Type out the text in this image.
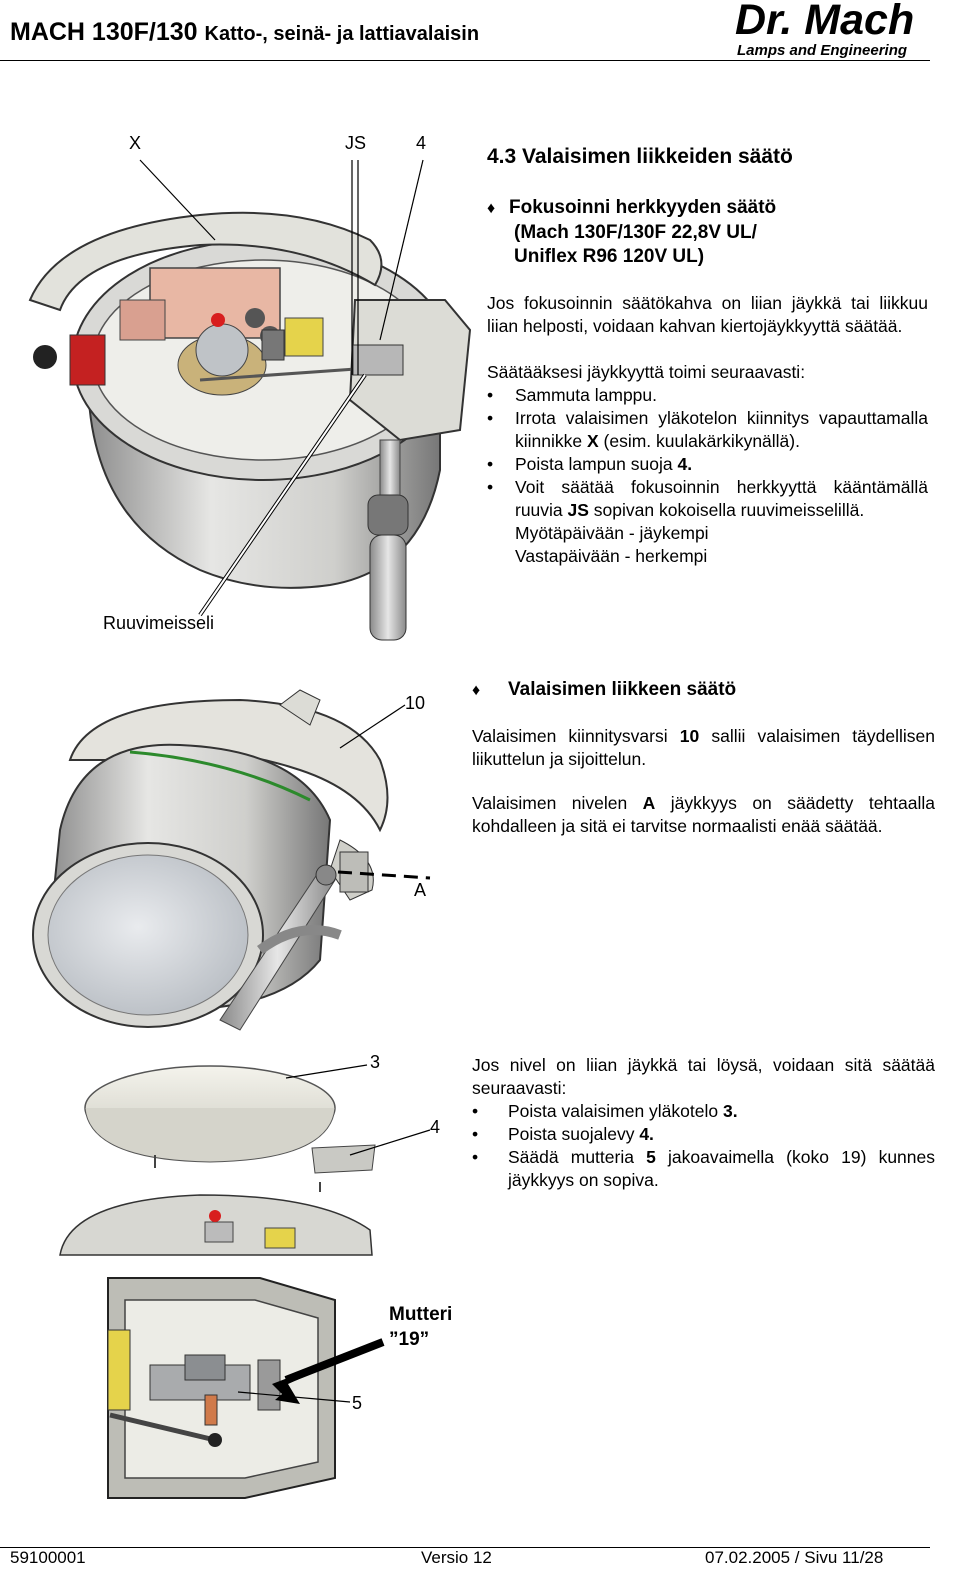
MACH 130F/130 Katto-, seinä- ja lattiavalaisin	Dr. Mach
Lamps and Engineering
X	JS	4
Ruuvimeisseli
4.3 Valaisimen liikkeiden säätö
♦ Fokusoinni herkkyyden säätö
(Mach 130F/130F 22,8V UL/
Uniflex R96 120V UL)
Jos fokusoinnin säätökahva on liian jäykkä tai liikkuu liian helposti, voidaan kahvan kiertojäykkyyttä säätää.
Säätääksesi jäykkyyttä toimi seuraavasti:
•	Sammuta lamppu.
•	Irrota valaisimen yläkotelon kiinnitys vapauttamalla kiinnikke X (esim. kuulakärkikynällä).
•	Poista lampun suoja 4.
•	Voit säätää fokusoinnin herkkyyttä kääntämällä ruuvia JS sopivan kokoisella ruuvimeisselillä.
Myötäpäivään - jäykempi
Vastapäivään - herkempi
10
A
♦ Valaisimen liikkeen säätö
Valaisimen kiinnitysvarsi 10 sallii valaisimen täydellisen liikuttelun ja sijoittelun.
Valaisimen nivelen A jäykkyys on säädetty tehtaalla kohdalleen ja sitä ei tarvitse normaalisti enää säätää.
3
4
5
Mutteri
”19”
Jos nivel on liian jäykkä tai löysä, voidaan sitä säätää seuraavasti:
•	Poista valaisimen yläkotelo 3.
•	Poista suojalevy 4.
•	Säädä mutteria 5 jakoavaimella (koko 19) kunnes jäykkyys on sopiva.
59100001	Versio 12	07.02.2005 / Sivu 11/28
